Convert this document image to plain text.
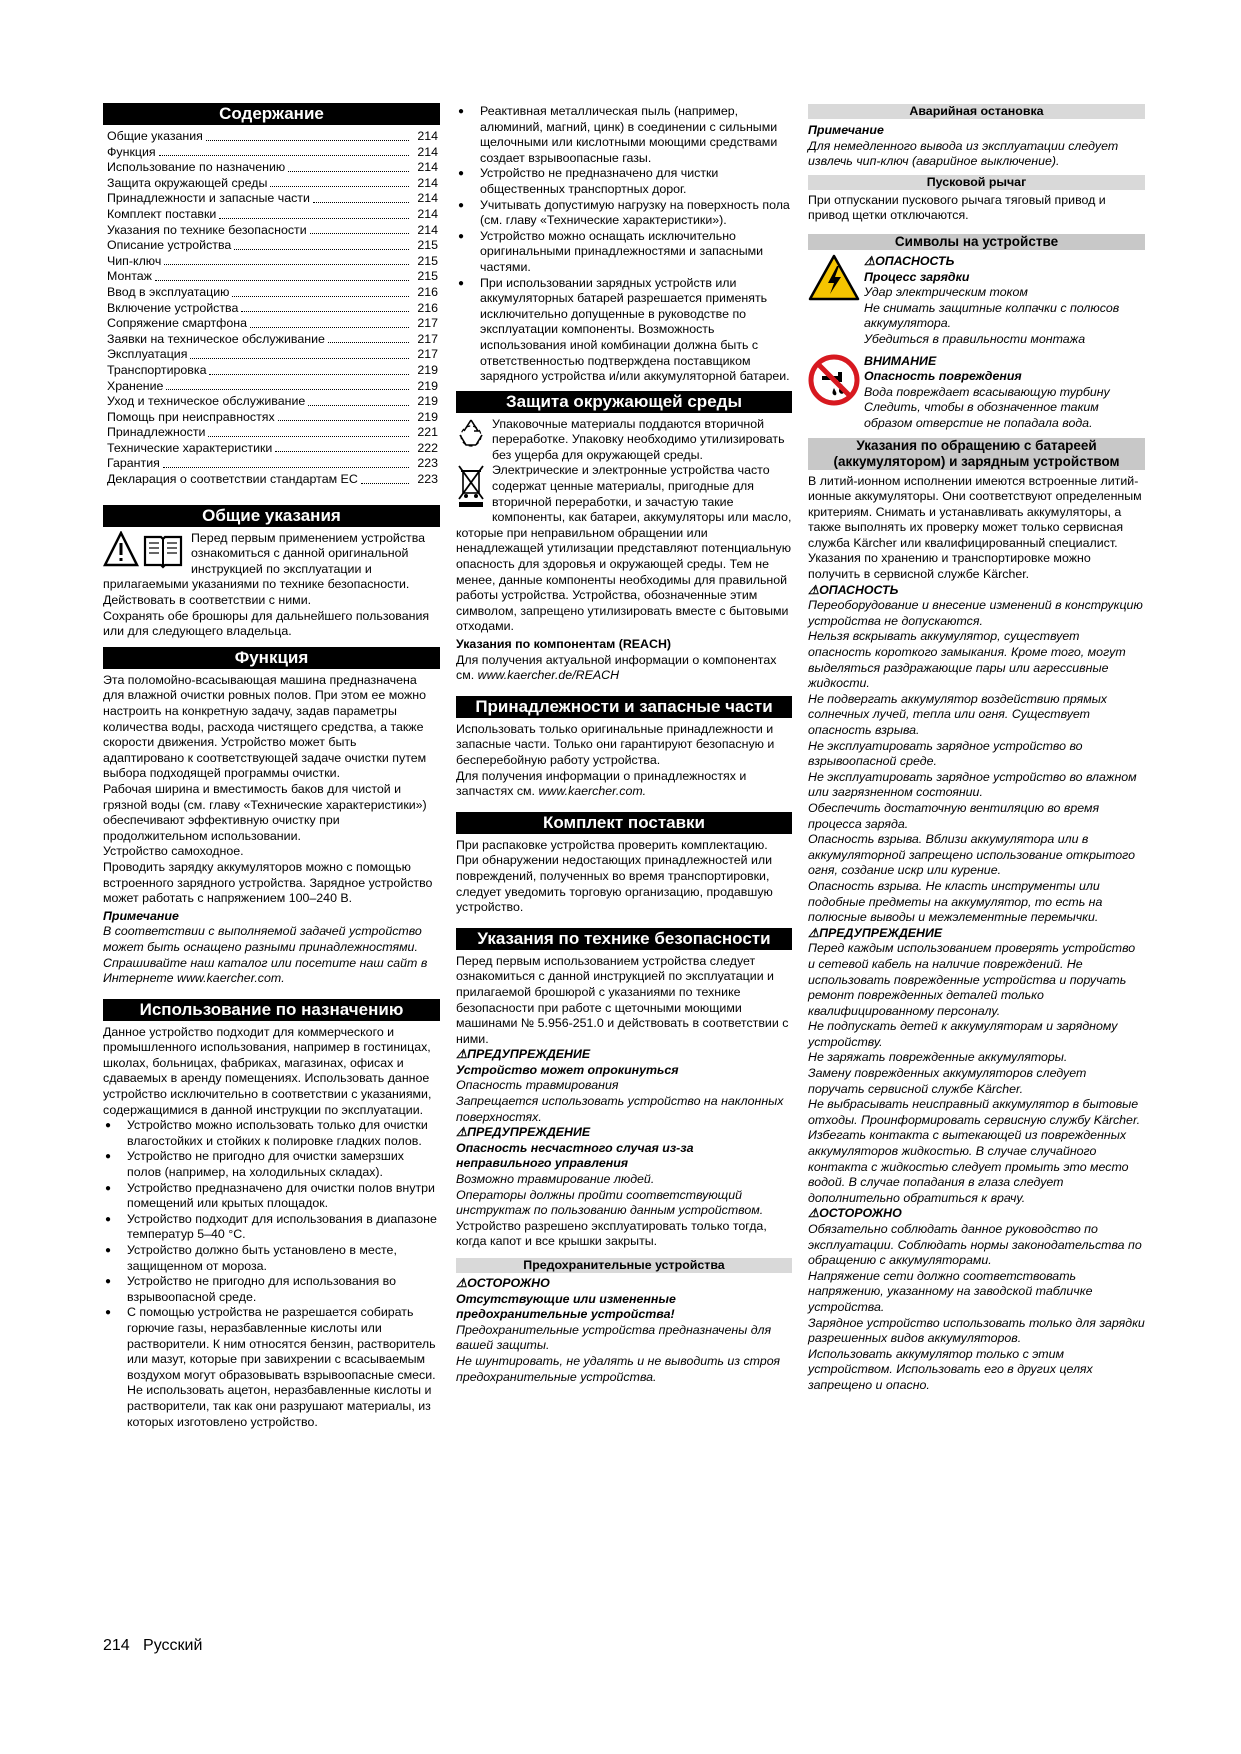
Содержание
Общие указания	214
Функция	214
Использование по назначению	214
Защита окружающей среды	214
Принадлежности и запасные части	214
Комплект поставки	214
Указания по технике безопасности	214
Описание устройства	215
Чип-ключ	215
Монтаж	215
Ввод в эксплуатацию	216
Включение устройства	216
Сопряжение смартфона	217
Заявки на техническое обслуживание	217
Эксплуатация	217
Транспортировка	219
Хранение	219
Уход и техническое обслуживание	219
Помощь при неисправностях	219
Принадлежности	221
Технические характеристики	222
Гарантия	223
Декларация о соответствии стандартам ЕС	223
Общие указания

Перед первым применением устройства ознакомиться с данной оригинальной инструкцией по эксплуатации и прилагаемыми указаниями по технике безопасности. Действовать в соответствии с ними.

Сохранять обе брошюры для дальнейшего пользования или для следующего владельца.

Функция

Эта поломойно-всасывающая машина предназначена для влажной очистки ровных полов. При этом ее можно настроить на конкретную задачу, задав параметры количества воды, расхода чистящего средства, а также скорости движения. Устройство может быть адаптировано к соответствующей задаче очистки путем выбора подходящей программы очистки.

Рабочая ширина и вместимость баков для чистой и грязной воды (см. главу «Технические характеристики») обеспечивают эффективную очистку при продолжительном использовании.

Устройство самоходное.

Проводить зарядку аккумуляторов можно с помощью встроенного зарядного устройства. Зарядное устройство может работать с напряжением 100–240 В.

Примечание

В соответствии с выполняемой задачей устройство может быть оснащено разными принадлежностями. Спрашивайте наш каталог или посетите наш сайт в Интернете www.kaercher.com.

Использование по назначению

Данное устройство подходит для коммерческого и промышленного использования, например в гостиницах, школах, больницах, фабриках, магазинах, офисах и сдаваемых в аренду помещениях. Использовать данное устройство исключительно в соответствии с указаниями, содержащимися в данной инструкции по эксплуатации.

● Устройство можно использовать только для очистки влагостойких и стойких к полировке гладких полов.
● Устройство не пригодно для очистки замерзших полов (например, на холодильных складах).
● Устройство предназначено для очистки полов внутри помещений или крытых площадок.
● Устройство подходит для использования в диапазоне температур 5–40 °C.
● Устройство должно быть установлено в месте, защищенном от мороза.
● Устройство не пригодно для использования во взрывоопасной среде.
● С помощью устройства не разрешается собирать горючие газы, неразбавленные кислоты или растворители. К ним относятся бензин, растворитель или мазут, которые при завихрении с всасываемым воздухом могут образовывать взрывоопасные смеси. Не использовать ацетон, неразбавленные кислоты и растворители, так как они разрушают материалы, из которых изготовлено устройство.
● Реактивная металлическая пыль (например, алюминий, магний, цинк) в соединении с сильными щелочными или кислотными моющими средствами создает взрывоопасные газы.
● Устройство не предназначено для чистки общественных транспортных дорог.
● Учитывать допустимую нагрузку на поверхность пола (см. главу «Технические характеристики»).
● Устройство можно оснащать исключительно оригинальными принадлежностями и запасными частями.
● При использовании зарядных устройств или аккумуляторных батарей разрешается применять исключительно допущенные в руководстве по эксплуатации компоненты. Возможность использования иной комбинации должна быть с ответственностью подтверждена поставщиком зарядного устройства и/или аккумуляторной батареи.
Защита окружающей среды

Упаковочные материалы поддаются вторичной переработке. Упаковку необходимо утилизировать без ущерба для окружающей среды.

Электрические и электронные устройства часто содержат ценные материалы, пригодные для вторичной переработки, и зачастую такие компоненты, как батареи, аккумуляторы или масло, которые при неправильном обращении или ненадлежащей утилизации представляют потенциальную опасность для здоровья и окружающей среды. Тем не менее, данные компоненты необходимы для правильной работы устройства. Устройства, обозначенные этим символом, запрещено утилизировать вместе с бытовыми отходами.

Указания по компонентам (REACH)

Для получения актуальной информации о компонентах см. www.kaercher.de/REACH

Принадлежности и запасные части

Использовать только оригинальные принадлежности и запасные части. Только они гарантируют безопасную и бесперебойную работу устройства.

Для получения информации о принадлежностях и запчастях см. www.kaercher.com.

Комплект поставки

При распаковке устройства проверить комплектацию. При обнаружении недостающих принадлежностей или повреждений, полученных во время транспортировки, следует уведомить торговую организацию, продавшую устройство.

Указания по технике безопасности

Перед первым использованием устройства следует ознакомиться с данной инструкцией по эксплуатации и прилагаемой брошюрой с указаниями по технике безопасности при работе с щеточными моющими машинами № 5.956-251.0 и действовать в соответствии с ними.

⚠ПРЕДУПРЕЖДЕНИЕ

Устройство может опрокинуться

Опасность травмирования

Запрещается использовать устройство на наклонных поверхностях.

⚠ПРЕДУПРЕЖДЕНИЕ

Опасность несчастного случая из-за неправильного управления

Возможно травмирование людей.

Операторы должны пройти соответствующий инструктаж по пользованию данным устройством.

Устройство разрешено эксплуатировать только тогда, когда капот и все крышки закрыты.

Предохранительные устройства

⚠ОСТОРОЖНО

Отсутствующие или измененные предохранительные устройства!

Предохранительные устройства предназначены для вашей защиты.

Не шунтировать, не удалять и не выводить из строя предохранительные устройства.

Аварийная остановка

Примечание

Для немедленного вывода из эксплуатации следует извлечь чип-ключ (аварийное выключение).

Пусковой рычаг

При отпускании пускового рычага тяговый привод и привод щетки отключаются.

Символы на устройстве

⚠ОПАСНОСТЬ

Процесс зарядки

Удар электрическим током

Не снимать защитные колпачки с полюсов аккумулятора.

Убедиться в правильности монтажа

ВНИМАНИЕ

Опасность повреждения

Вода повреждает всасывающую турбину

Следить, чтобы в обозначенное таким образом отверстие не попадала вода.

Указания по обращению с батареей (аккумулятором) и зарядным устройством

В литий-ионном исполнении имеются встроенные литий-ионные аккумуляторы. Они соответствуют определенным критериям. Снимать и устанавливать аккумуляторы, а также выполнять их проверку может только сервисная служба Kärcher или квалифицированный специалист.

Указания по хранению и транспортировке можно получить в сервисной службе Kärcher.

⚠ОПАСНОСТЬ

Переоборудование и внесение изменений в конструкцию устройства не допускаются.

Нельзя вскрывать аккумулятор, существует опасность короткого замыкания. Кроме того, могут выделяться раздражающие пары или агрессивные жидкости.

Не подвергать аккумулятор воздействию прямых солнечных лучей, тепла или огня. Существует опасность взрыва.

Не эксплуатировать зарядное устройство во взрывоопасной среде.

Не эксплуатировать зарядное устройство во влажном или загрязненном состоянии.

Обеспечить достаточную вентиляцию во время процесса заряда.

Опасность взрыва. Вблизи аккумулятора или в аккумуляторной запрещено использование открытого огня, создание искр или курение.

Опасность взрыва. Не класть инструменты или подобные предметы на аккумулятор, то есть на полюсные выводы и межэлементные перемычки.

⚠ПРЕДУПРЕЖДЕНИЕ

Перед каждым использованием проверять устройство и сетевой кабель на наличие повреждений. Не использовать поврежденные устройства и поручать ремонт поврежденных деталей только квалифицированному персоналу.

Не подпускать детей к аккумуляторам и зарядному устройству.

Не заряжать поврежденные аккумуляторы.

Замену поврежденных аккумуляторов следует поручать сервисной службе Kärcher.

Не выбрасывать неисправный аккумулятор в бытовые отходы. Проинформировать сервисную службу Kärcher.

Избегать контакта с вытекающей из поврежденных аккумуляторов жидкостью. В случае случайного контакта с жидкостью следует промыть это место водой. В случае попадания в глаза следует дополнительно обратиться к врачу.

⚠ОСТОРОЖНО

Обязательно соблюдать данное руководство по эксплуатации. Соблюдать нормы законодательства по обращению с аккумуляторами.

Напряжение сети должно соответствовать напряжению, указанному на заводской табличке устройства.

Зарядное устройство использовать только для зарядки разрешенных видов аккумуляторов.

Использовать аккумулятор только с этим устройством. Использовать его в других целях запрещено и опасно.

214 Русский
